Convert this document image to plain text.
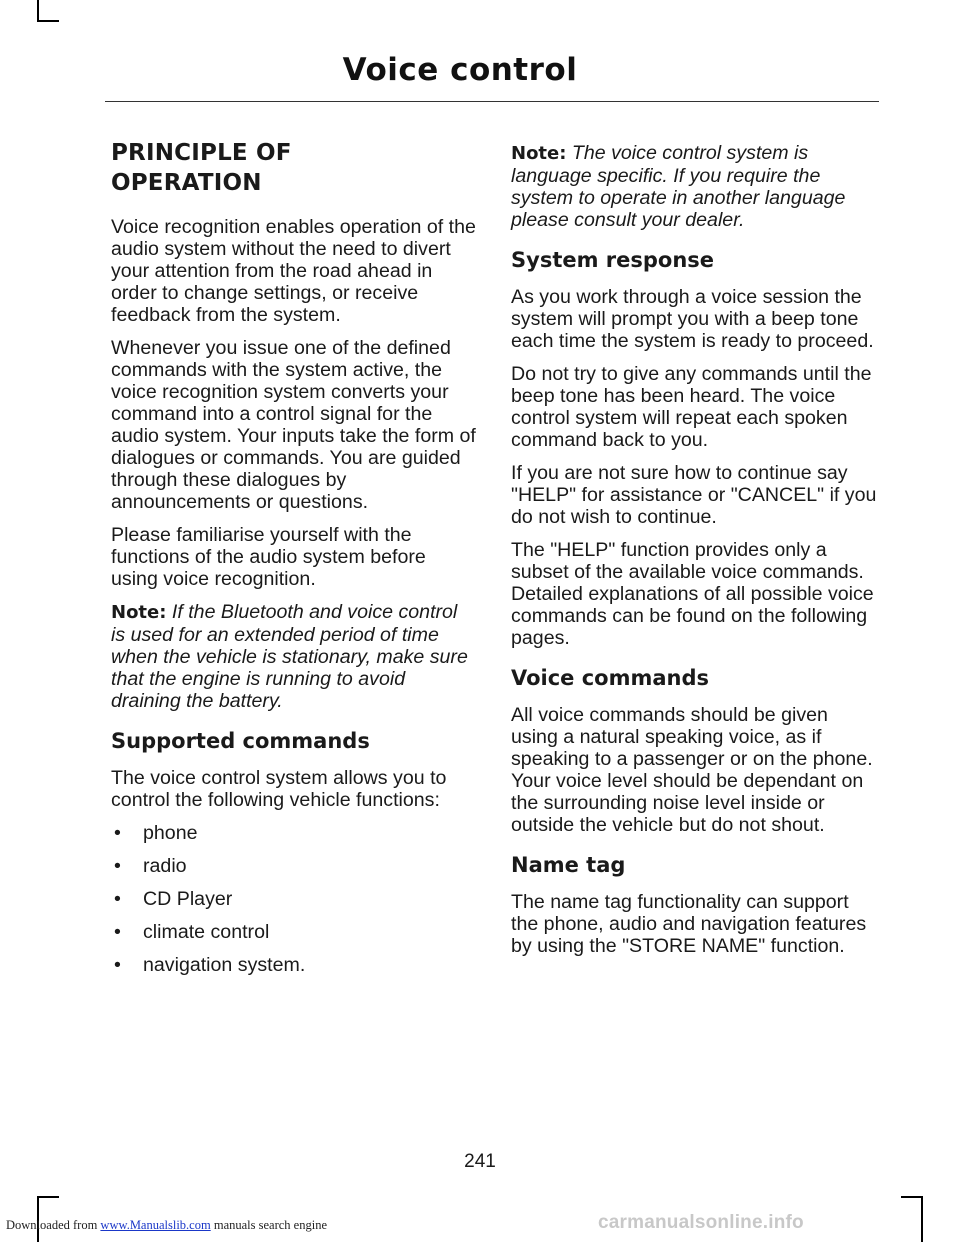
Voice control
PRINCIPLE OF
OPERATION

Voice recognition enables operation of the audio system without the need to divert your attention from the road ahead in order to change settings, or receive feedback from the system.

Whenever you issue one of the defined commands with the system active, the voice recognition system converts your command into a control signal for the audio system. Your inputs take the form of dialogues or commands. You are guided through these dialogues by announcements or questions.

Please familiarise yourself with the functions of the audio system before using voice recognition.

Note: If the Bluetooth and voice control is used for an extended period of time when the vehicle is stationary, make sure that the engine is running to avoid draining the battery.

Supported commands

The voice control system allows you to control the following vehicle functions:

• phone
• radio
• CD Player
• climate control
• navigation system.

Note: The voice control system is language specific. If you require the system to operate in another language please consult your dealer.

System response

As you work through a voice session the system will prompt you with a beep tone each time the system is ready to proceed.

Do not try to give any commands until the beep tone has been heard. The voice control system will repeat each spoken command back to you.

If you are not sure how to continue say "HELP" for assistance or "CANCEL" if you do not wish to continue.

The "HELP" function provides only a subset of the available voice commands. Detailed explanations of all possible voice commands can be found on the following pages.

Voice commands

All voice commands should be given using a natural speaking voice, as if speaking to a passenger or on the phone. Your voice level should be dependant on the surrounding noise level inside or outside the vehicle but do not shout.

Name tag

The name tag functionality can support the phone, audio and navigation features by using the "STORE NAME" function.

241
Downloaded from www.Manualslib.com manuals search engine	carmanualsonline.info
